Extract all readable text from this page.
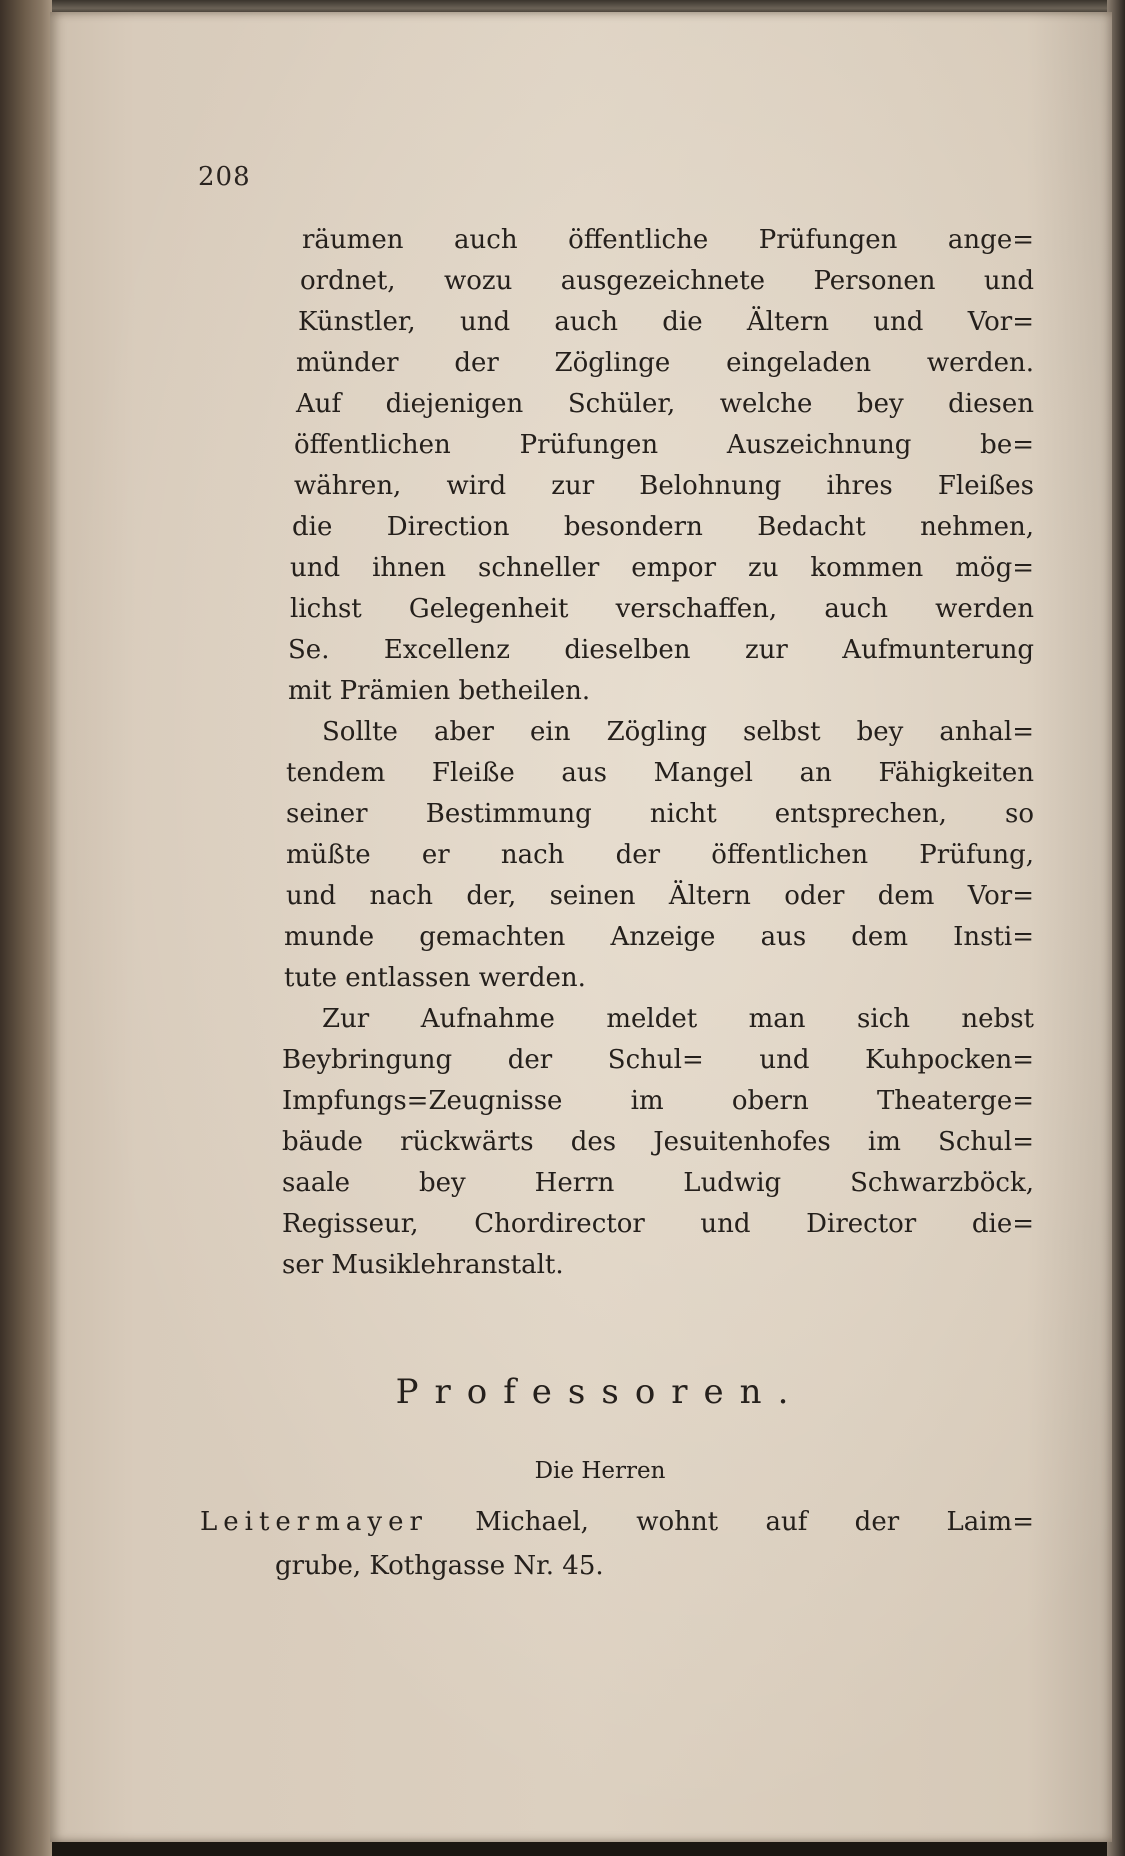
208
räumen auch öffentliche Prüfungen ange=
ordnet, wozu ausgezeichnete Personen und
Künstler, und auch die Ältern und Vor=
münder der Zöglinge eingeladen werden.
Auf diejenigen Schüler, welche bey diesen
öffentlichen Prüfungen Auszeichnung be=
währen, wird zur Belohnung ihres Fleißes
die Direction besondern Bedacht nehmen,
und ihnen schneller empor zu kommen mög=
lichst Gelegenheit verschaffen, auch werden
Se. Excellenz dieselben zur Aufmunterung
mit Prämien betheilen.
Sollte aber ein Zögling selbst bey anhal=
tendem Fleiße aus Mangel an Fähigkeiten
seiner Bestimmung nicht entsprechen, so
müßte er nach der öffentlichen Prüfung,
und nach der, seinen Ältern oder dem Vor=
munde gemachten Anzeige aus dem Insti=
tute entlassen werden.
Zur Aufnahme meldet man sich nebst
Beybringung der Schul= und Kuhpocken=
Impfungs=Zeugnisse im obern Theaterge=
bäude rückwärts des Jesuitenhofes im Schul=
saale bey Herrn Ludwig Schwarzböck,
Regisseur, Chordirector und Director die=
ser Musiklehranstalt.
Professoren.
Die Herren
Leitermayer Michael, wohnt auf der Laim=
grube, Kothgasse Nr. 45.
